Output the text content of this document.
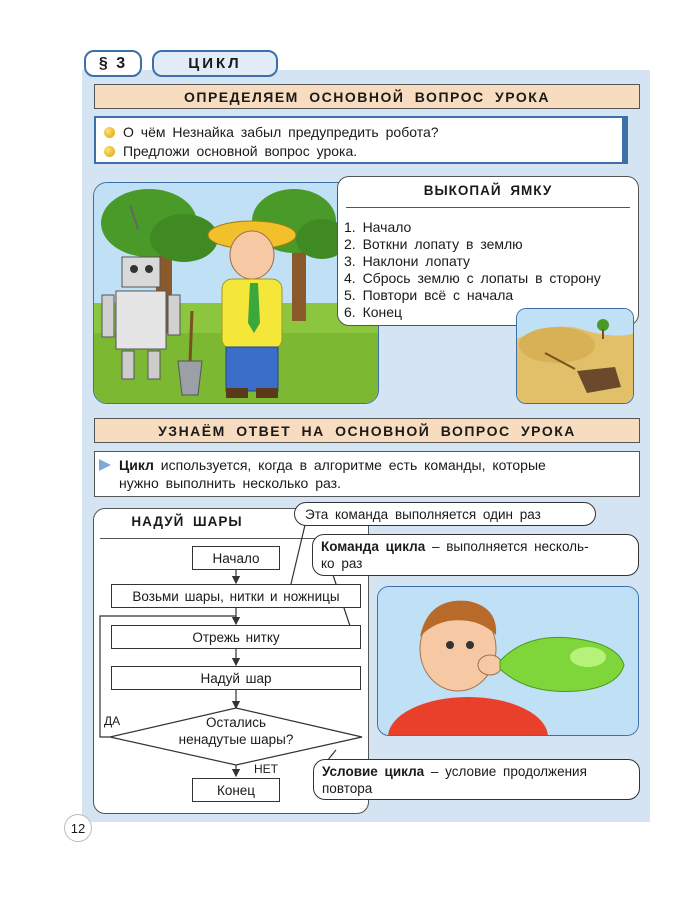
§ 3	ЦИКЛ
ОПРЕДЕЛЯЕМ ОСНОВНОЙ ВОПРОС УРОКА
О чём Незнайка забыл предупредить робота?
Предложи основной вопрос урока.
ВЫКОПАЙ ЯМКУ
1. Начало
2. Воткни лопату в землю
3. Наклони лопату
4. Сбрось землю с лопаты в сторону
5. Повтори всё с начала
6. Конец
УЗНАЁМ ОТВЕТ НА ОСНОВНОЙ ВОПРОС УРОКА
Цикл используется, когда в алгоритме есть команды, которые
нужно выполнить несколько раз.
НАДУЙ ШАРЫ
Начало
Возьми шары, нитки и ножницы
Отрежь нитку
Надуй шар
Остались
ненадутые шары?
ДА
НЕТ
Конец
Эта команда выполняется один раз
Команда цикла – выполняется несколь-
ко раз
Условие цикла – условие продолжения
повтора
12
